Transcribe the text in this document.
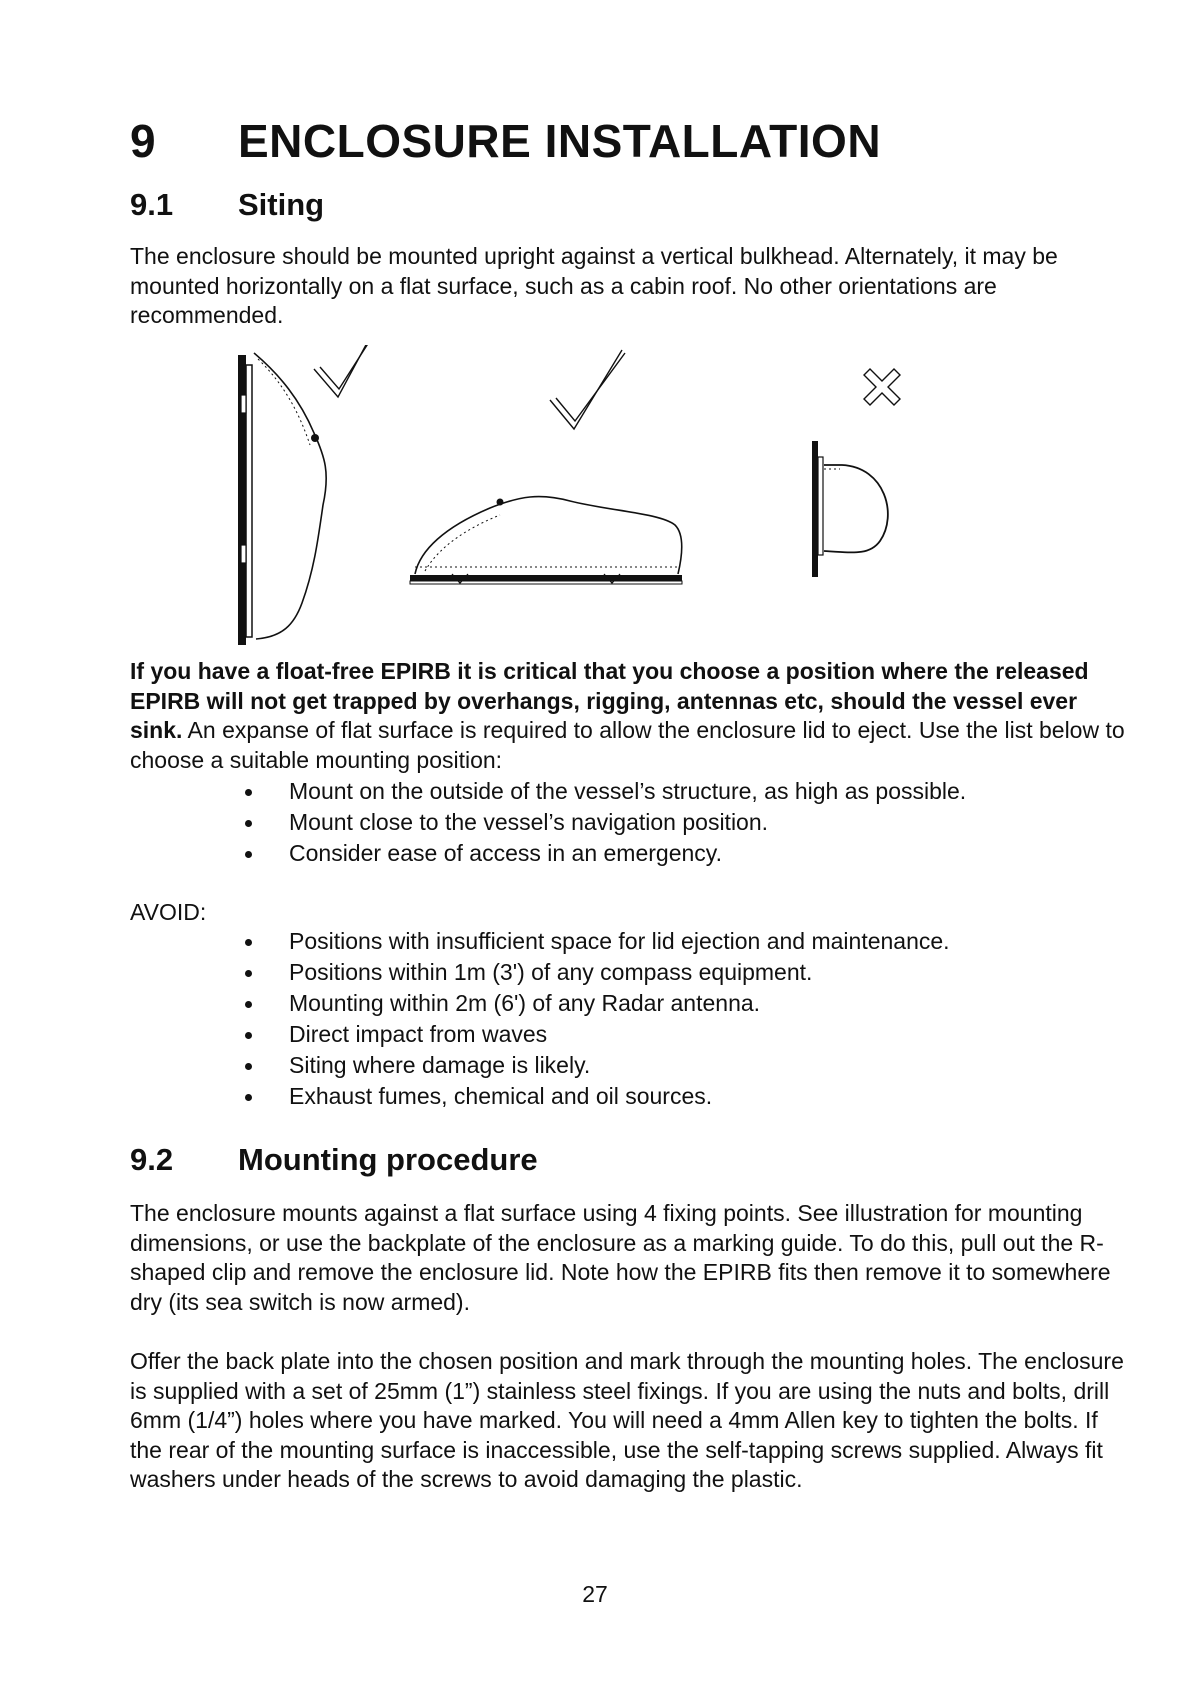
9 ENCLOSURE INSTALLATION
9.1 Siting

The enclosure should be mounted upright against a vertical bulkhead. Alternately, it may be mounted horizontally on a flat surface, such as a cabin roof. No other orientations are recommended.

If you have a float-free EPIRB it is critical that you choose a position where the released EPIRB will not get trapped by overhangs, rigging, antennas etc, should the vessel ever sink. An expanse of flat surface is required to allow the enclosure lid to eject. Use the list below to choose a suitable mounting position:

Mount on the outside of the vessel’s structure, as high as possible.
Mount close to the vessel’s navigation position.
Consider ease of access in an emergency.
AVOID:
Positions with insufficient space for lid ejection and maintenance.
Positions within 1m (3') of any compass equipment.
Mounting within 2m (6') of any Radar antenna.
Direct impact from waves
Siting where damage is likely.
Exhaust fumes, chemical and oil sources.
9.2 Mounting procedure

The enclosure mounts against a flat surface using 4 fixing points. See illustration for mounting dimensions, or use the backplate of the enclosure as a marking guide. To do this, pull out the R-shaped clip and remove the enclosure lid. Note how the EPIRB fits then remove it to somewhere dry (its sea switch is now armed).

Offer the back plate into the chosen position and mark through the mounting holes. The enclosure is supplied with a set of 25mm (1”) stainless steel fixings. If you are using the nuts and bolts, drill 6mm (1/4”) holes where you have marked. You will need a 4mm Allen key to tighten the bolts. If the rear of the mounting surface is inaccessible, use the self-tapping screws supplied. Always fit washers under heads of the screws to avoid damaging the plastic.

27
